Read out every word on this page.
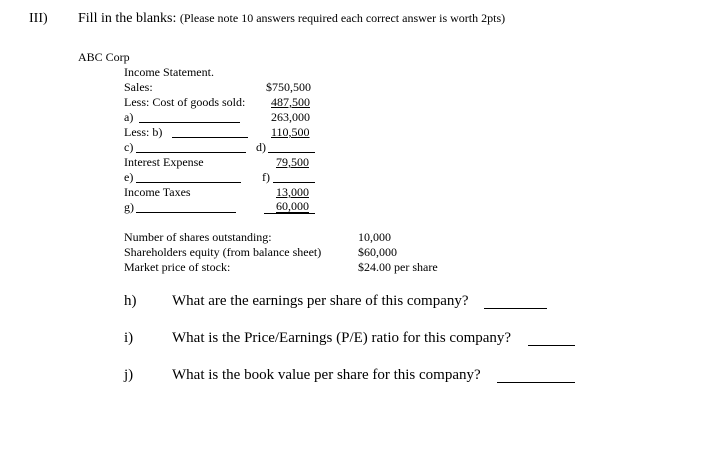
III) Fill in the blanks: (Please note 10 answers required each correct answer is worth 2pts)
ABC Corp
Income Statement.
Sales:	$750,500
Less: Cost of goods sold: 487,500
a)	263,000
Less: b)	110,500
c)	d)
Interest Expense	79,500
e)	f)
Income Taxes	13,000
g)	60,000
Number of shares outstanding:	10,000
Shareholders equity (from balance sheet)	$60,000
Market price of stock:	$24.00 per share
h) What are the earnings per share of this company?
i)	What is the Price/Earnings (P/E) ratio for this company?
j)	What is the book value per share for this company?
